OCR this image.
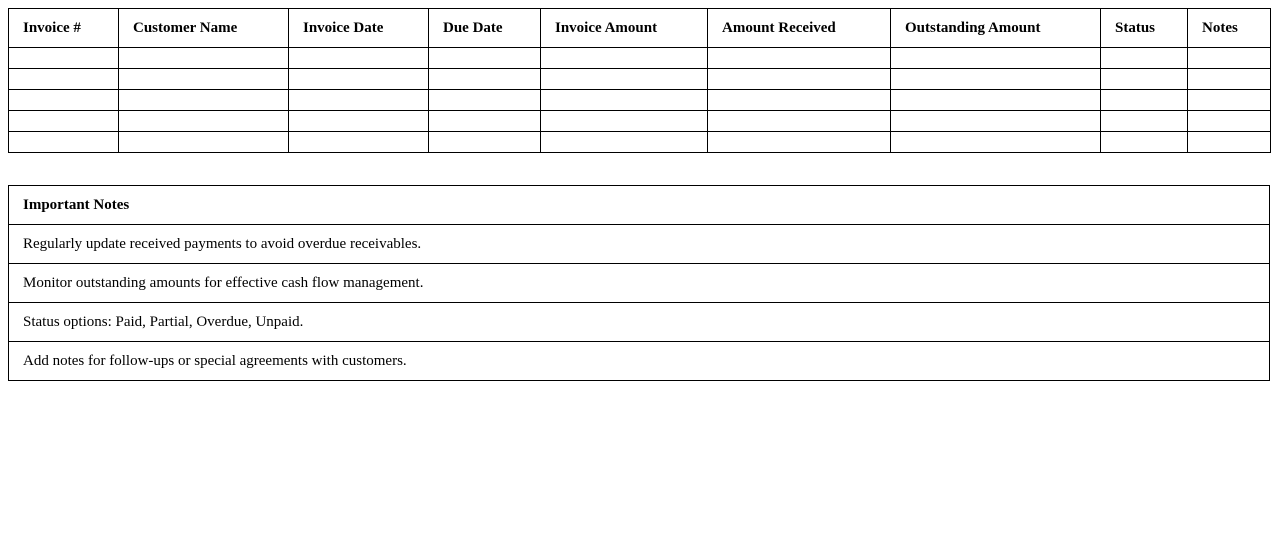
Invoice #	Customer Name	Invoice Date	Due Date	Invoice Amount	Amount Received	Outstanding Amount	Status	Notes

Important Notes
Regularly update received payments to avoid overdue receivables.
Monitor outstanding amounts for effective cash flow management.
Status options: Paid, Partial, Overdue, Unpaid.
Add notes for follow-ups or special agreements with customers.
